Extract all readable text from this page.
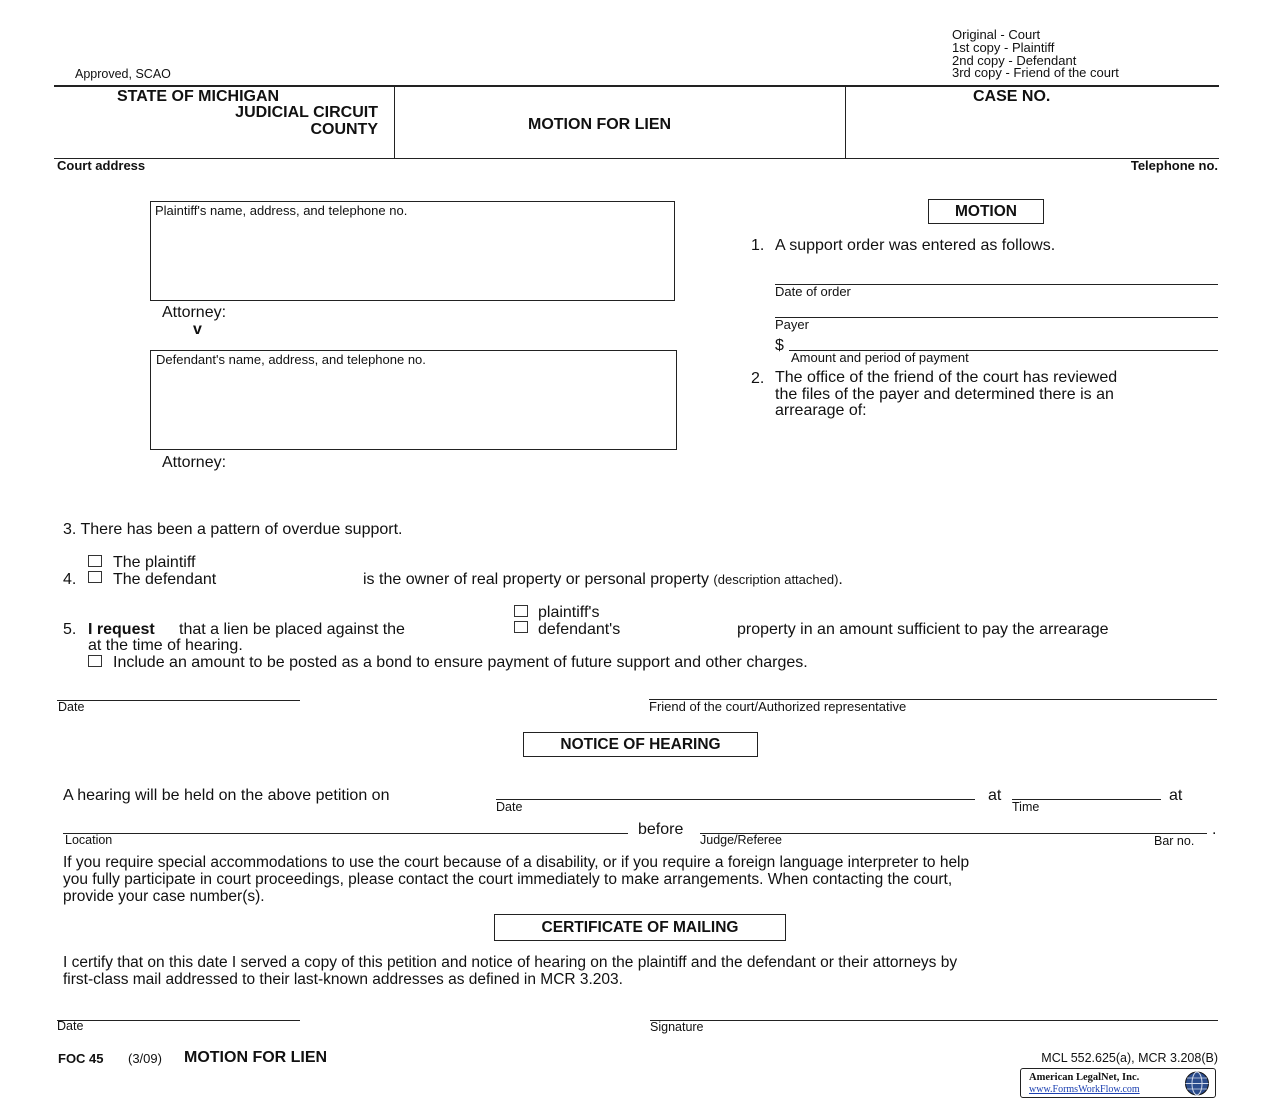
Approved, SCAO
Original - Court
1st copy - Plaintiff
2nd copy - Defendant
3rd copy - Friend of the court
STATE OF MICHIGAN
JUDICIAL CIRCUIT
COUNTY	MOTION FOR LIEN
CASE NO.
Court address	Telephone no.
Plaintiff's name, address, and telephone no.
Attorney:
v
Defendant's name, address, and telephone no.
Attorney:
MOTION
1. A support order was entered as follows.
Date of order
Payer
$
Amount and period of payment
2. The office of the friend of the court has reviewed
the files of the payer and determined there is an
arrearage of:
3. There has been a pattern of overdue support.
The plaintiff
4. The defendant	is the owner of real property or personal property (description attached).
plaintiff's
5. I request that a lien be placed against the	defendant's	property in an amount sufficient to pay the arrearage
at the time of hearing.
Include an amount to be posted as a bond to ensure payment of future support and other charges.
Date	Friend of the court/Authorized representative
NOTICE OF HEARING
A hearing will be held on the above petition on
Date
at
Time
at
Location
before
Judge/Referee	Bar no.
.
If you require special accommodations to use the court because of a disability, or if you require a foreign language interpreter to help
you fully participate in court proceedings, please contact the court immediately to make arrangements. When contacting the court,
provide your case number(s).
CERTIFICATE OF MAILING
I certify that on this date I served a copy of this petition and notice of hearing on the plaintiff and the defendant or their attorneys by
first-class mail addressed to their last-known addresses as defined in MCR 3.203.
Date	Signature
FOC 45 (3/09) MOTION FOR LIEN	MCL 552.625(a), MCR 3.208(B)
American LegalNet, Inc.
www.FormsWorkFlow.com
